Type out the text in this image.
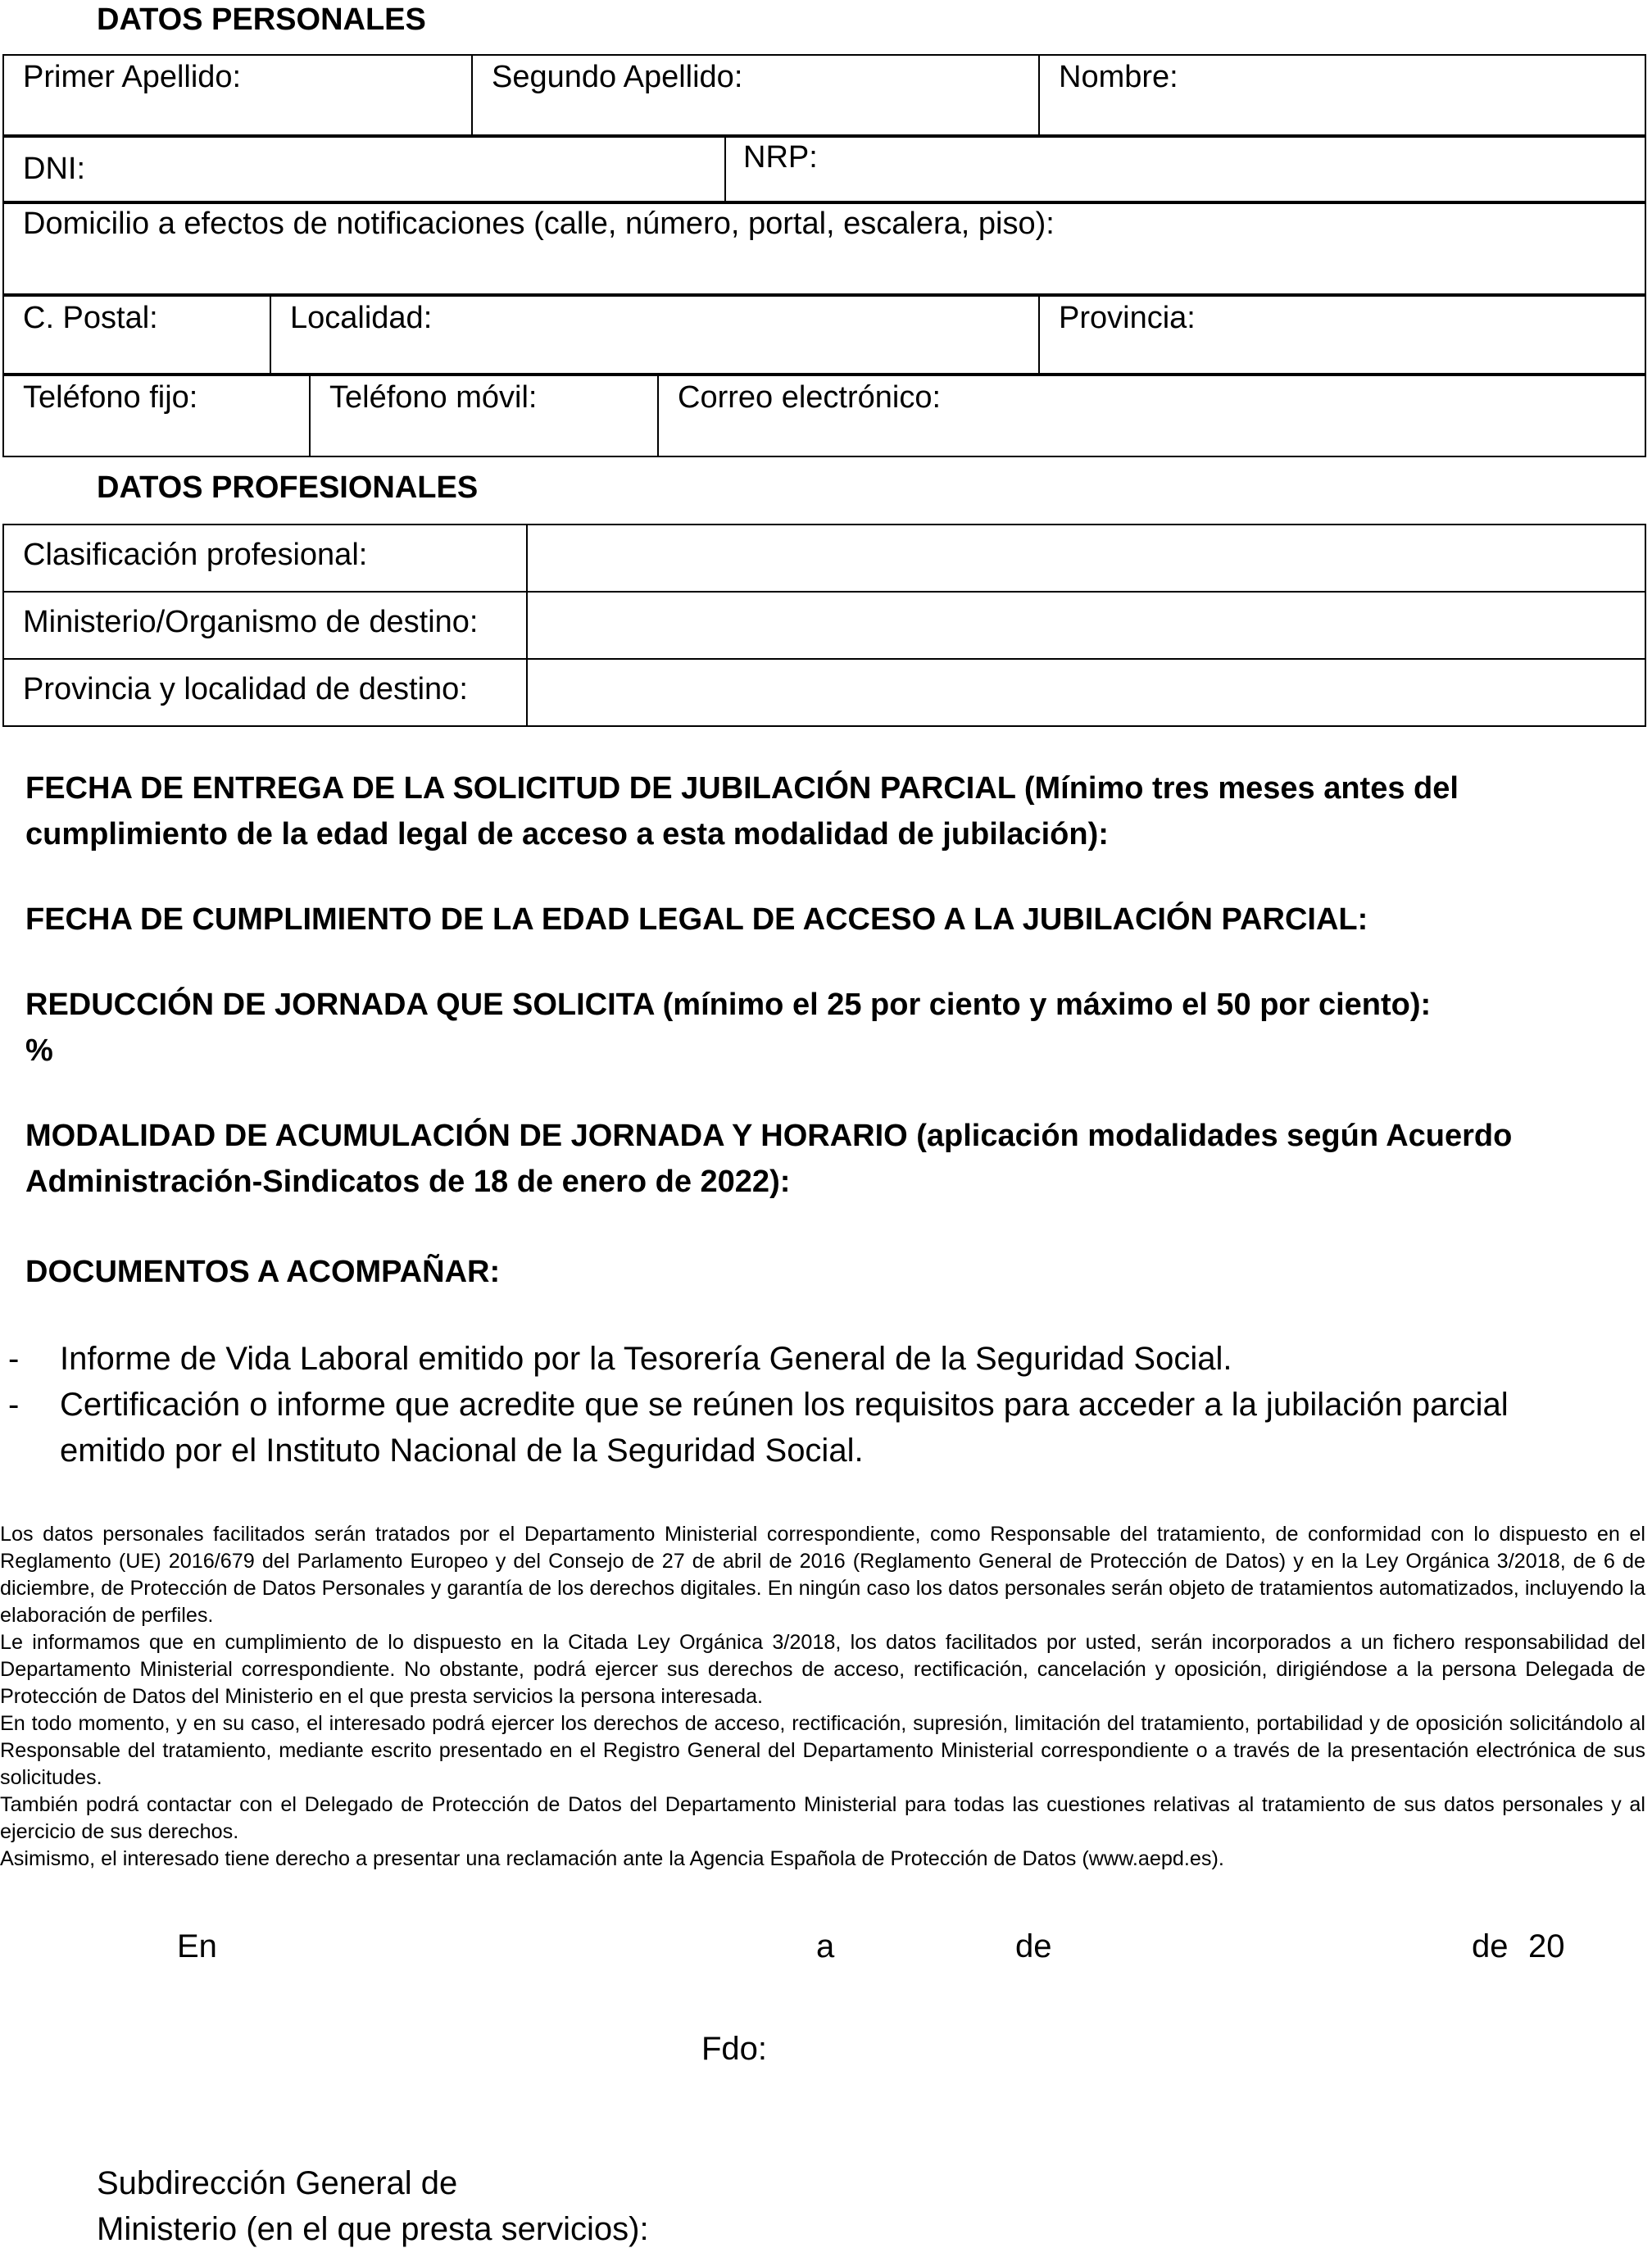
DATOS PERSONALES
Primer Apellido:	Segundo Apellido:	Nombre:
DNI:	NRP:
Domicilio a efectos de notificaciones (calle, número, portal, escalera, piso):
C. Postal:	Localidad:	Provincia:
Teléfono fijo:	Teléfono móvil:	Correo electrónico:
DATOS PROFESIONALES
Clasificación profesional:	

Ministerio/Organismo de destino:	

Provincia y localidad de destino:	

FECHA DE ENTREGA DE LA SOLICITUD DE JUBILACIÓN PARCIAL (Mínimo tres meses antes del cumplimiento de la edad legal de acceso a esta modalidad de jubilación):
FECHA DE CUMPLIMIENTO DE LA EDAD LEGAL DE ACCESO A LA JUBILACIÓN PARCIAL:
REDUCCIÓN DE JORNADA QUE SOLICITA (mínimo el 25 por ciento y máximo el 50 por ciento):
%
MODALIDAD DE ACUMULACIÓN DE JORNADA Y HORARIO (aplicación modalidades según Acuerdo Administración-Sindicatos de 18 de enero de 2022):
DOCUMENTOS A ACOMPAÑAR:
- Informe de Vida Laboral emitido por la Tesorería General de la Seguridad Social.
- Certificación o informe que acredite que se reúnen los requisitos para acceder a la jubilación parcial emitido por el Instituto Nacional de la Seguridad Social.

Los datos personales facilitados serán tratados por el Departamento Ministerial correspondiente, como Responsable del tratamiento, de conformidad con lo dispuesto en el Reglamento (UE) 2016/679 del Parlamento Europeo y del Consejo de 27 de abril de 2016 (Reglamento General de Protección de Datos) y en la Ley Orgánica 3/2018, de 6 de diciembre, de Protección de Datos Personales y garantía de los derechos digitales. En ningún caso los datos personales serán objeto de tratamientos automatizados, incluyendo la elaboración de perfiles.

Le informamos que en cumplimiento de lo dispuesto en la Citada Ley Orgánica 3/2018, los datos facilitados por usted, serán incorporados a un fichero responsabilidad del Departamento Ministerial correspondiente. No obstante, podrá ejercer sus derechos de acceso, rectificación, cancelación y oposición, dirigiéndose a la persona Delegada de Protección de Datos del Ministerio en el que presta servicios la persona interesada.

En todo momento, y en su caso, el interesado podrá ejercer los derechos de acceso, rectificación, supresión, limitación del tratamiento, portabilidad y de oposición solicitándolo al Responsable del tratamiento, mediante escrito presentado en el Registro General del Departamento Ministerial correspondiente o a través de la presentación electrónica de sus solicitudes.

También podrá contactar con el Delegado de Protección de Datos del Departamento Ministerial para todas las cuestiones relativas al tratamiento de sus datos personales y al ejercicio de sus derechos.

Asimismo, el interesado tiene derecho a presentar una reclamación ante la Agencia Española de Protección de Datos (www.aepd.es).

En	a	de	de 20
Fdo:
Subdirección General de
Ministerio (en el que presta servicios):
